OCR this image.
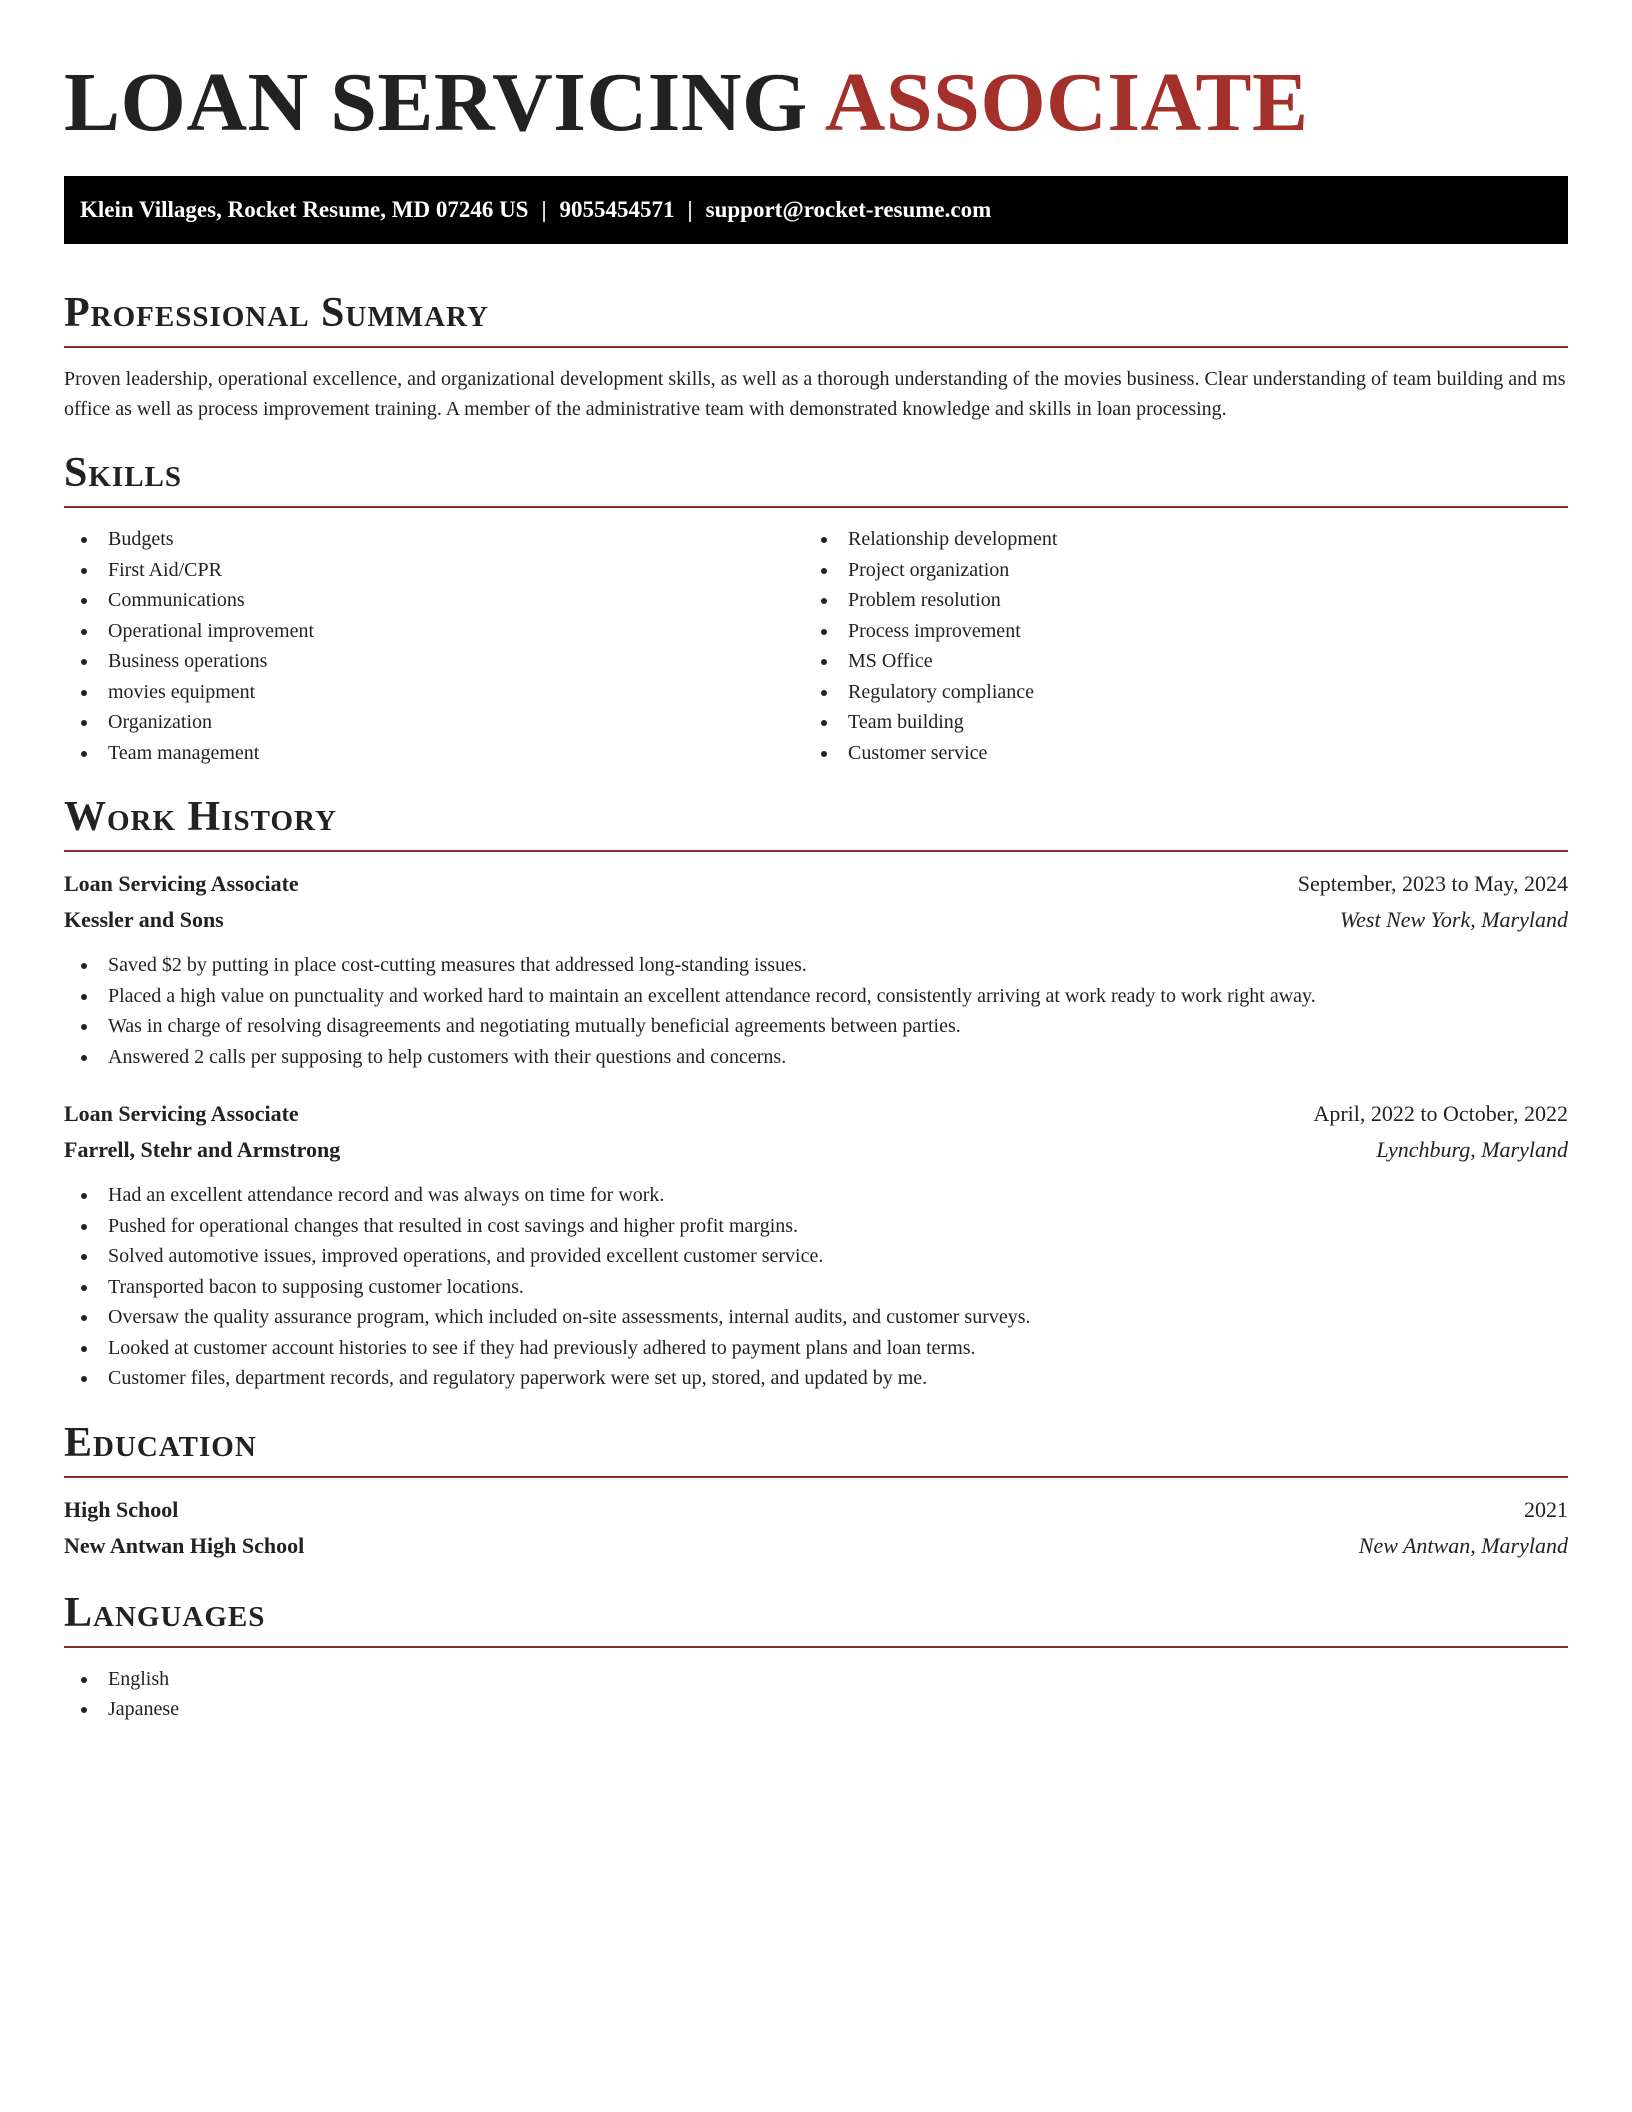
LOAN SERVICING ASSOCIATE
Klein Villages, Rocket Resume, MD 07246 US | 9055454571 | support@rocket-resume.com
Professional Summary

Proven leadership, operational excellence, and organizational development skills, as well as a thorough understanding of the movies business. Clear understanding of team building and ms office as well as process improvement training. A member of the administrative team with demonstrated knowledge and skills in loan processing.

Skills
Budgets
First Aid/CPR
Communications
Operational improvement
Business operations
movies equipment
Organization
Team management
Relationship development
Project organization
Problem resolution
Process improvement
MS Office
Regulatory compliance
Team building
Customer service
Work History
Loan Servicing Associate	September, 2023 to May, 2024
Kessler and Sons	West New York, Maryland
Saved $2 by putting in place cost-cutting measures that addressed long-standing issues.
Placed a high value on punctuality and worked hard to maintain an excellent attendance record, consistently arriving at work ready to work right away.
Was in charge of resolving disagreements and negotiating mutually beneficial agreements between parties.
Answered 2 calls per supposing to help customers with their questions and concerns.
Loan Servicing Associate	April, 2022 to October, 2022
Farrell, Stehr and Armstrong	Lynchburg, Maryland
Had an excellent attendance record and was always on time for work.
Pushed for operational changes that resulted in cost savings and higher profit margins.
Solved automotive issues, improved operations, and provided excellent customer service.
Transported bacon to supposing customer locations.
Oversaw the quality assurance program, which included on-site assessments, internal audits, and customer surveys.
Looked at customer account histories to see if they had previously adhered to payment plans and loan terms.
Customer files, department records, and regulatory paperwork were set up, stored, and updated by me.
Education
High School	2021
New Antwan High School	New Antwan, Maryland
Languages
English
Japanese
